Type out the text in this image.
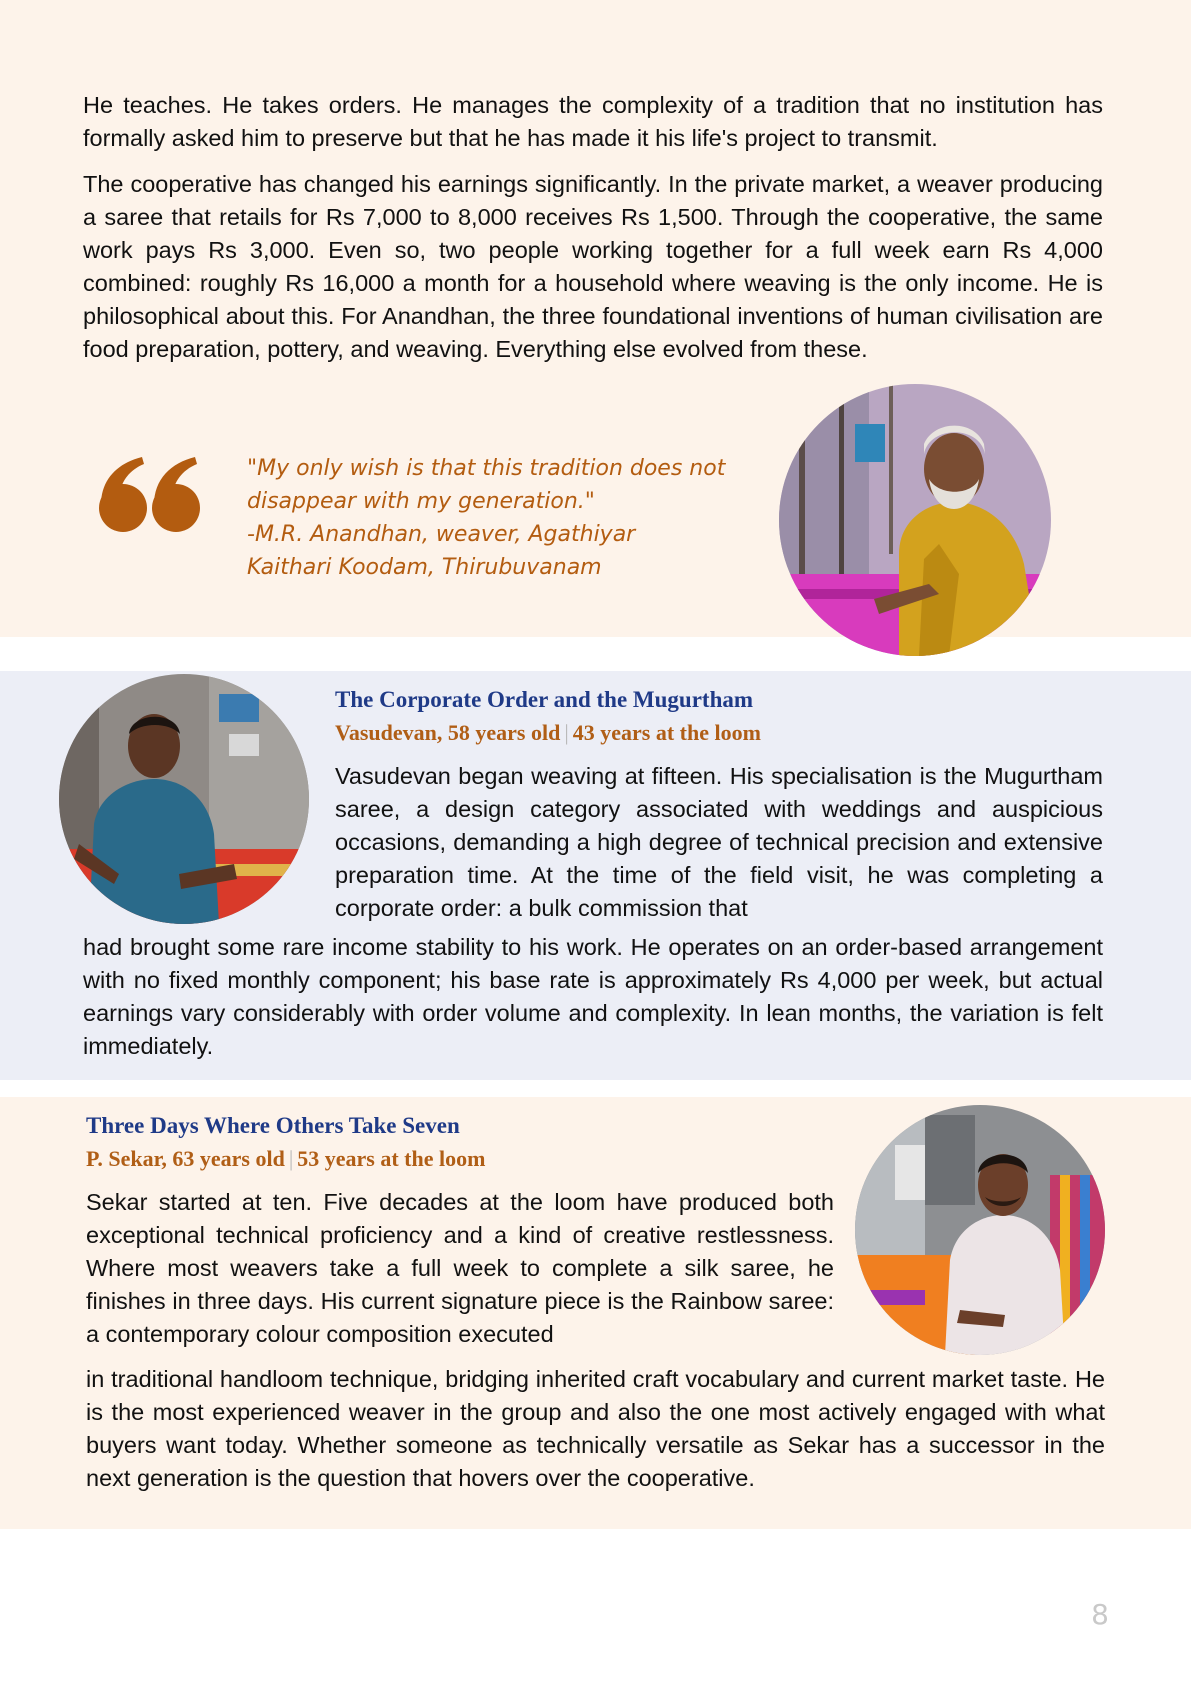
He teaches. He takes orders. He manages the complexity of a tradition that no institution has formally asked him to preserve but that he has made it his life's project to transmit.

The cooperative has changed his earnings significantly. In the private market, a weaver producing a saree that retails for Rs 7,000 to 8,000 receives Rs 1,500. Through the cooperative, the same work pays Rs 3,000. Even so, two people working together for a full week earn Rs 4,000 combined: roughly Rs 16,000 a month for a household where weaving is the only income. He is philosophical about this. For Anandhan, the three foundational inventions of human civilisation are food preparation, pottery, and weaving. Everything else evolved from these.

"My only wish is that this tradition does not
disappear with my generation."
-M.R. Anandhan, weaver, Agathiyar
Kaithari Koodam, Thirubuvanam

The Corporate Order and the Mugurtham

Vasudevan, 58 years old | 43 years at the loom

Vasudevan began weaving at fifteen. His specialisation is the Mugurtham saree, a design category associated with weddings and auspicious occasions, demanding a high degree of technical precision and extensive preparation time. At the time of the field visit, he was completing a corporate order: a bulk commission that

had brought some rare income stability to his work. He operates on an order-based arrangement with no fixed monthly component; his base rate is approximately Rs 4,000 per week, but actual earnings vary considerably with order volume and complexity. In lean months, the variation is felt immediately.

Three Days Where Others Take Seven

P. Sekar, 63 years old | 53 years at the loom

Sekar started at ten. Five decades at the loom have produced both exceptional technical proficiency and a kind of creative restlessness. Where most weavers take a full week to complete a silk saree, he finishes in three days. His current signature piece is the Rainbow saree: a contemporary colour composition executed

in traditional handloom technique, bridging inherited craft vocabulary and current market taste. He is the most experienced weaver in the group and also the one most actively engaged with what buyers want today. Whether someone as technically versatile as Sekar has a successor in the next generation is the question that hovers over the cooperative.

8
